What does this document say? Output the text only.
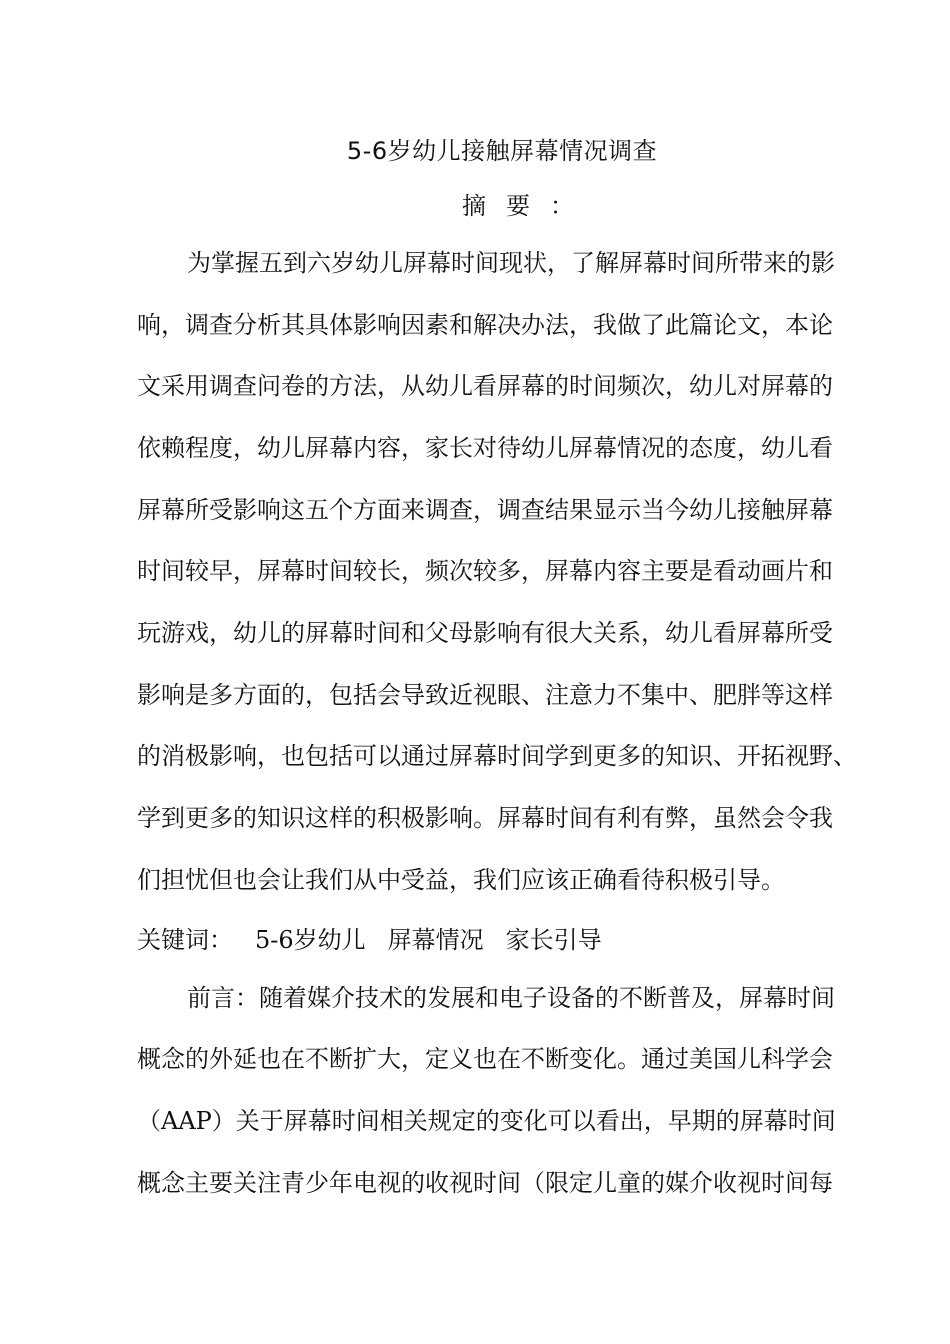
5-6岁幼儿接触屏幕情况调查
摘要：
为掌握五到六岁幼儿屏幕时间现状，了解屏幕时间所带来的影
响，调查分析其具体影响因素和解决办法，我做了此篇论文，本论
文采用调查问卷的方法，从幼儿看屏幕的时间频次，幼儿对屏幕的
依赖程度，幼儿屏幕内容，家长对待幼儿屏幕情况的态度，幼儿看
屏幕所受影响这五个方面来调查，调查结果显示当今幼儿接触屏幕
时间较早，屏幕时间较长，频次较多，屏幕内容主要是看动画片和
玩游戏，幼儿的屏幕时间和父母影响有很大关系，幼儿看屏幕所受
影响是多方面的，包括会导致近视眼、注意力不集中、肥胖等这样
的消极影响，也包括可以通过屏幕时间学到更多的知识、开拓视野、
学到更多的知识这样的积极影响。屏幕时间有利有弊，虽然会令我
们担忧但也会让我们从中受益，我们应该正确看待积极引导。
关键词： 5-6岁幼儿 屏幕情况 家长引导
前言：随着媒介技术的发展和电子设备的不断普及，屏幕时间
概念的外延也在不断扩大，定义也在不断变化。通过美国儿科学会
（AAP）关于屏幕时间相关规定的变化可以看出，早期的屏幕时间
概念主要关注青少年电视的收视时间（限定儿童的媒介收视时间每
